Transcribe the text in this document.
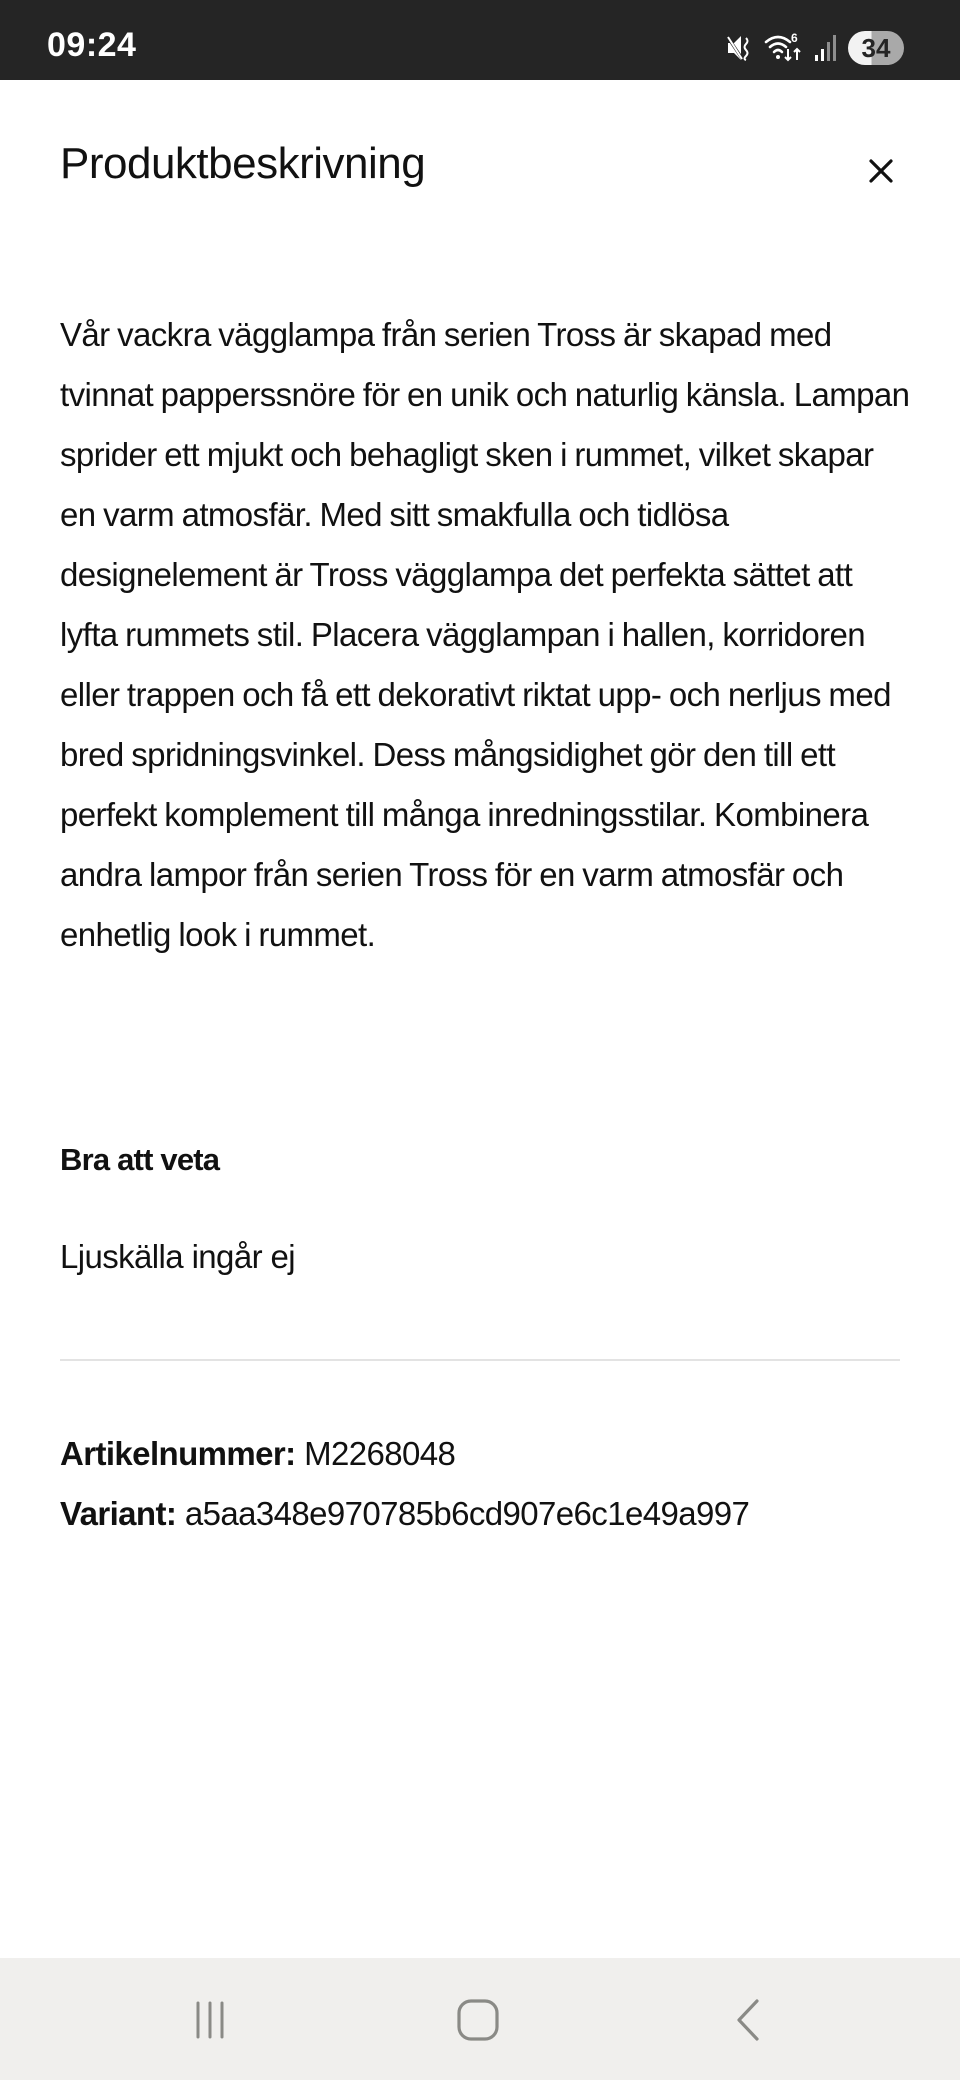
09:24	6 34
Produktbeskrivning

Vår vackra vägglampa från serien Tross är skapad med tvinnat papperssnöre för en unik och naturlig känsla. Lampan sprider ett mjukt och behagligt sken i rummet, vilket skapar en varm atmosfär. Med sitt smakfulla och tidlösa designelement är Tross vägglampa det perfekta sättet att lyfta rummets stil. Placera vägglampan i hallen, korridoren eller trappen och få ett dekorativt riktat upp- och nerljus med bred spridningsvinkel. Dess mångsidighet gör den till ett perfekt komplement till många inredningsstilar. Kombinera andra lampor från serien Tross för en varm atmosfär och enhetlig look i rummet.

Bra att veta

Ljuskälla ingår ej

Artikelnummer: M2268048
Variant: a5aa348e970785b6cd907e6c1e49a997
